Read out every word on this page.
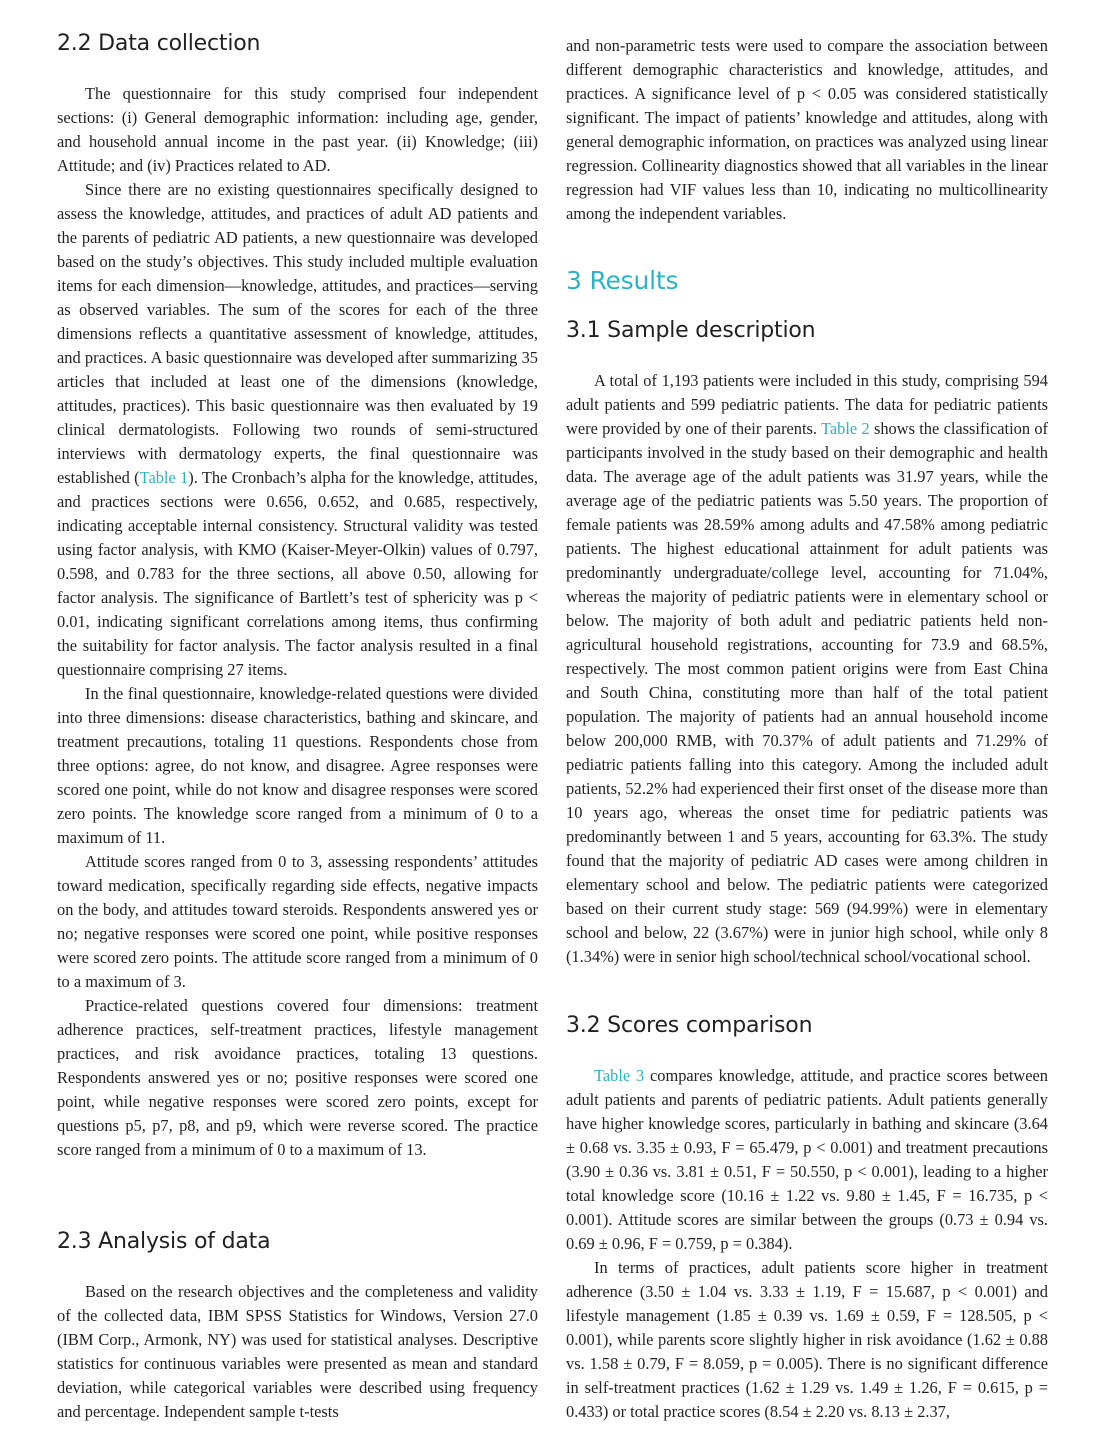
2.2 Data collection

The questionnaire for this study comprised four independent sections: (i) General demographic information: including age, gender, and household annual income in the past year. (ii) Knowledge; (iii) Attitude; and (iv) Practices related to AD.

Since there are no existing questionnaires specifically designed to assess the knowledge, attitudes, and practices of adult AD patients and the parents of pediatric AD patients, a new questionnaire was developed based on the study’s objectives. This study included multiple evaluation items for each dimension—knowledge, attitudes, and practices—serving as observed variables. The sum of the scores for each of the three dimensions reflects a quantitative assessment of knowledge, attitudes, and practices. A basic questionnaire was developed after summarizing 35 articles that included at least one of the dimensions (knowledge, attitudes, practices). This basic questionnaire was then evaluated by 19 clinical dermatologists. Following two rounds of semi-structured interviews with dermatology experts, the final questionnaire was established (Table 1). The Cronbach’s alpha for the knowledge, attitudes, and practices sections were 0.656, 0.652, and 0.685, respectively, indicating acceptable internal consistency. Structural validity was tested using factor analysis, with KMO (Kaiser-Meyer-Olkin) values of 0.797, 0.598, and 0.783 for the three sections, all above 0.50, allowing for factor analysis. The significance of Bartlett’s test of sphericity was p < 0.01, indicating significant correlations among items, thus confirming the suitability for factor analysis. The factor analysis resulted in a final questionnaire comprising 27 items.

In the final questionnaire, knowledge-related questions were divided into three dimensions: disease characteristics, bathing and skincare, and treatment precautions, totaling 11 questions. Respondents chose from three options: agree, do not know, and disagree. Agree responses were scored one point, while do not know and disagree responses were scored zero points. The knowledge score ranged from a minimum of 0 to a maximum of 11.

Attitude scores ranged from 0 to 3, assessing respondents’ attitudes toward medication, specifically regarding side effects, negative impacts on the body, and attitudes toward steroids. Respondents answered yes or no; negative responses were scored one point, while positive responses were scored zero points. The attitude score ranged from a minimum of 0 to a maximum of 3.

Practice-related questions covered four dimensions: treatment adherence practices, self-treatment practices, lifestyle management practices, and risk avoidance practices, totaling 13 questions. Respondents answered yes or no; positive responses were scored one point, while negative responses were scored zero points, except for questions p5, p7, p8, and p9, which were reverse scored. The practice score ranged from a minimum of 0 to a maximum of 13.

2.3 Analysis of data

Based on the research objectives and the completeness and validity of the collected data, IBM SPSS Statistics for Windows, Version 27.0 (IBM Corp., Armonk, NY) was used for statistical analyses. Descriptive statistics for continuous variables were presented as mean and standard deviation, while categorical variables were described using frequency and percentage. Independent sample t-tests

and non-parametric tests were used to compare the association between different demographic characteristics and knowledge, attitudes, and practices. A significance level of p < 0.05 was considered statistically significant. The impact of patients’ knowledge and attitudes, along with general demographic information, on practices was analyzed using linear regression. Collinearity diagnostics showed that all variables in the linear regression had VIF values less than 10, indicating no multicollinearity among the independent variables.

3 Results
3.1 Sample description

A total of 1,193 patients were included in this study, comprising 594 adult patients and 599 pediatric patients. The data for pediatric patients were provided by one of their parents. Table 2 shows the classification of participants involved in the study based on their demographic and health data. The average age of the adult patients was 31.97 years, while the average age of the pediatric patients was 5.50 years. The proportion of female patients was 28.59% among adults and 47.58% among pediatric patients. The highest educational attainment for adult patients was predominantly undergraduate/college level, accounting for 71.04%, whereas the majority of pediatric patients were in elementary school or below. The majority of both adult and pediatric patients held non-agricultural household registrations, accounting for 73.9 and 68.5%, respectively. The most common patient origins were from East China and South China, constituting more than half of the total patient population. The majority of patients had an annual household income below 200,000 RMB, with 70.37% of adult patients and 71.29% of pediatric patients falling into this category. Among the included adult patients, 52.2% had experienced their first onset of the disease more than 10 years ago, whereas the onset time for pediatric patients was predominantly between 1 and 5 years, accounting for 63.3%. The study found that the majority of pediatric AD cases were among children in elementary school and below. The pediatric patients were categorized based on their current study stage: 569 (94.99%) were in elementary school and below, 22 (3.67%) were in junior high school, while only 8 (1.34%) were in senior high school/technical school/vocational school.

3.2 Scores comparison

Table 3 compares knowledge, attitude, and practice scores between adult patients and parents of pediatric patients. Adult patients generally have higher knowledge scores, particularly in bathing and skincare (3.64 ± 0.68 vs. 3.35 ± 0.93, F = 65.479, p < 0.001) and treatment precautions (3.90 ± 0.36 vs. 3.81 ± 0.51, F = 50.550, p < 0.001), leading to a higher total knowledge score (10.16 ± 1.22 vs. 9.80 ± 1.45, F = 16.735, p < 0.001). Attitude scores are similar between the groups (0.73 ± 0.94 vs. 0.69 ± 0.96, F = 0.759, p = 0.384).

In terms of practices, adult patients score higher in treatment adherence (3.50 ± 1.04 vs. 3.33 ± 1.19, F = 15.687, p < 0.001) and lifestyle management (1.85 ± 0.39 vs. 1.69 ± 0.59, F = 128.505, p < 0.001), while parents score slightly higher in risk avoidance (1.62 ± 0.88 vs. 1.58 ± 0.79, F = 8.059, p = 0.005). There is no significant difference in self-treatment practices (1.62 ± 1.29 vs. 1.49 ± 1.26, F = 0.615, p = 0.433) or total practice scores (8.54 ± 2.20 vs. 8.13 ± 2.37,
